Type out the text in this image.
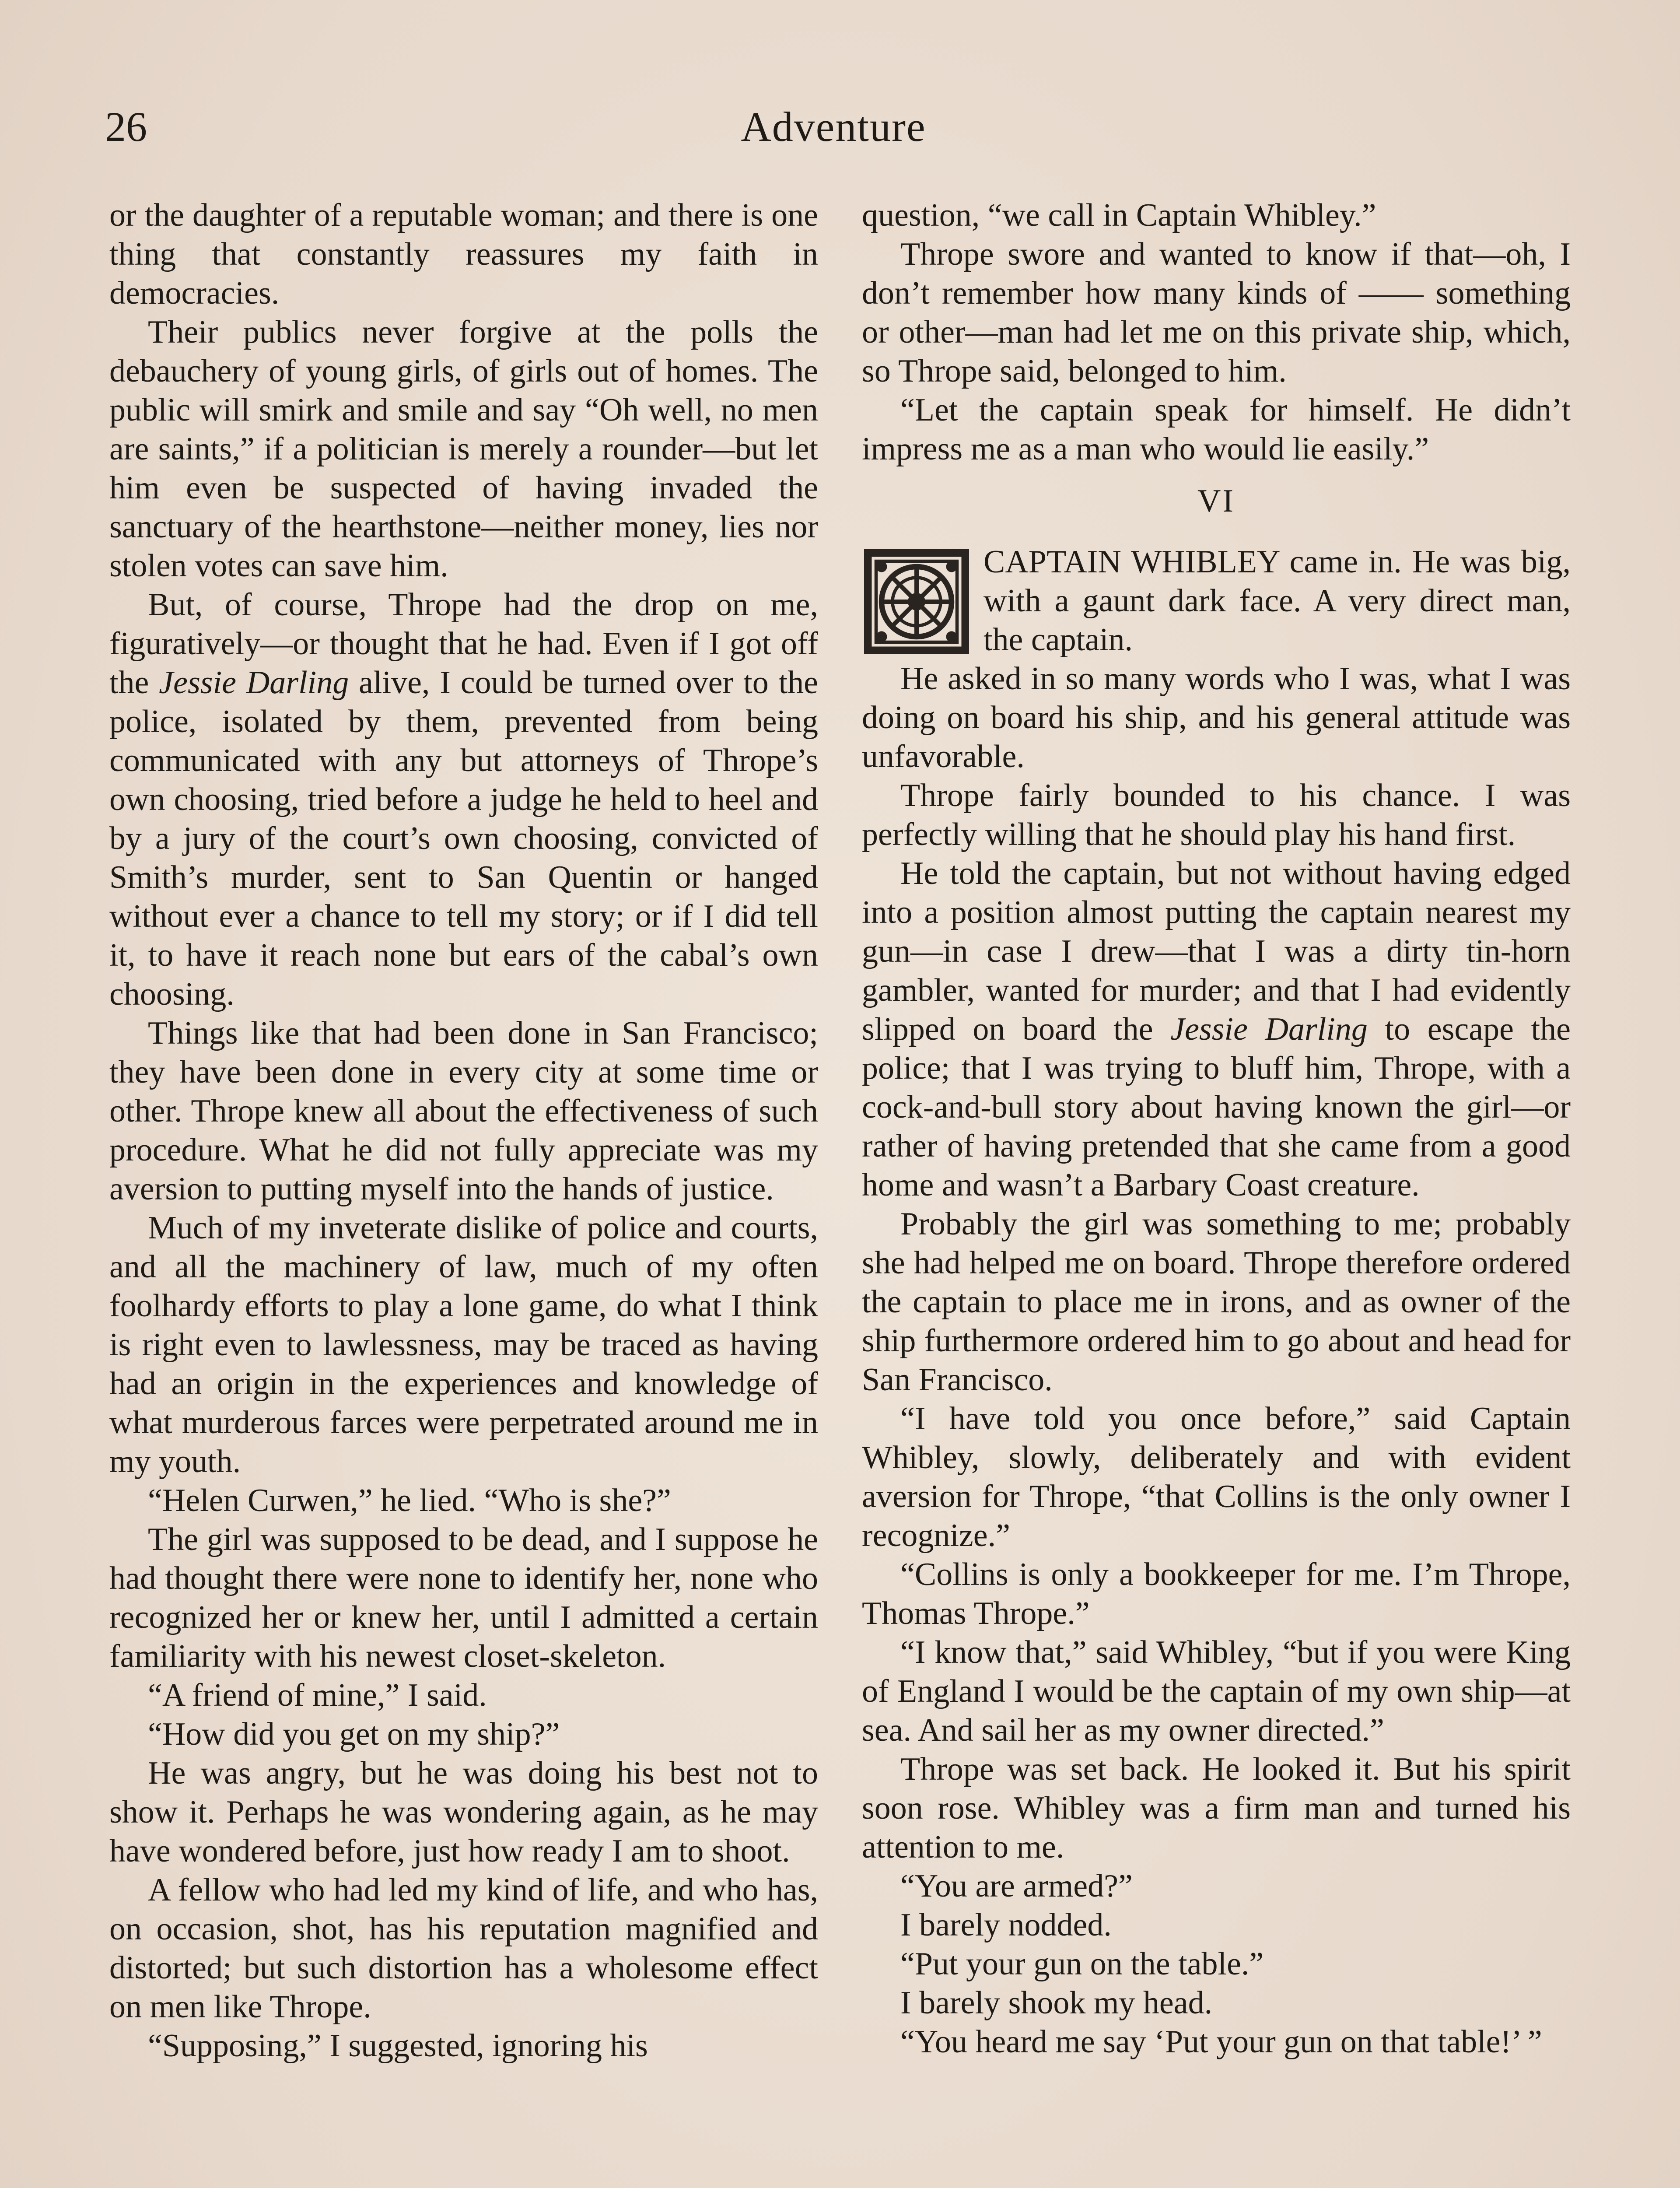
26	Adventure

or the daughter of a reputable woman; and there is one thing that constantly reassures my faith in democracies.

Their publics never forgive at the polls the debauchery of young girls, of girls out of homes. The public will smirk and smile and say “Oh well, no men are saints,” if a politician is merely a rounder—but let him even be suspected of having invaded the sanctuary of the hearthstone—neither money, lies nor stolen votes can save him.

But, of course, Thrope had the drop on me, figuratively—or thought that he had. Even if I got off the Jessie Darling alive, I could be turned over to the police, isolated by them, prevented from being communicated with any but attorneys of Thrope’s own choosing, tried before a judge he held to heel and by a jury of the court’s own choosing, convicted of Smith’s murder, sent to San Quentin or hanged without ever a chance to tell my story; or if I did tell it, to have it reach none but ears of the cabal’s own choosing.

Things like that had been done in San Francisco; they have been done in every city at some time or other. Thrope knew all about the effectiveness of such procedure. What he did not fully appreciate was my aversion to putting myself into the hands of justice.

Much of my inveterate dislike of police and courts, and all the machinery of law, much of my often foolhardy efforts to play a lone game, do what I think is right even to lawlessness, may be traced as having had an origin in the experiences and knowledge of what murderous farces were perpetrated around me in my youth.

“Helen Curwen,” he lied. “Who is she?”

The girl was supposed to be dead, and I suppose he had thought there were none to identify her, none who recognized her or knew her, until I admitted a certain familiarity with his newest closet-skeleton.

“A friend of mine,” I said.

“How did you get on my ship?”

He was angry, but he was doing his best not to show it. Perhaps he was wondering again, as he may have wondered before, just how ready I am to shoot.

A fellow who had led my kind of life, and who has, on occasion, shot, has his reputation magnified and distorted; but such distortion has a wholesome effect on men like Thrope.

“Supposing,” I suggested, ignoring his

question, “we call in Captain Whibley.”

Thrope swore and wanted to know if that—oh, I don’t remember how many kinds of —— something or other—man had let me on this private ship, which, so Thrope said, belonged to him.

“Let the captain speak for himself. He didn’t impress me as a man who would lie easily.”

VI

CAPTAIN WHIBLEY came in. He was big, with a gaunt dark face. A very direct man, the captain.

He asked in so many words who I was, what I was doing on board his ship, and his general attitude was unfavorable.

Thrope fairly bounded to his chance. I was perfectly willing that he should play his hand first.

He told the captain, but not without having edged into a position almost putting the captain nearest my gun—in case I drew—that I was a dirty tin-horn gambler, wanted for murder; and that I had evidently slipped on board the Jessie Darling to escape the police; that I was trying to bluff him, Thrope, with a cock-and-bull story about having known the girl—or rather of having pretended that she came from a good home and wasn’t a Barbary Coast creature.

Probably the girl was something to me; probably she had helped me on board. Thrope therefore ordered the captain to place me in irons, and as owner of the ship furthermore ordered him to go about and head for San Francisco.

“I have told you once before,” said Captain Whibley, slowly, deliberately and with evident aversion for Thrope, “that Collins is the only owner I recognize.”

“Collins is only a bookkeeper for me. I’m Thrope, Thomas Thrope.”

“I know that,” said Whibley, “but if you were King of England I would be the captain of my own ship—at sea. And sail her as my owner directed.”

Thrope was set back. He looked it. But his spirit soon rose. Whibley was a firm man and turned his attention to me.

“You are armed?”

I barely nodded.

“Put your gun on the table.”

I barely shook my head.

“You heard me say ‘Put your gun on that table!’ ”
